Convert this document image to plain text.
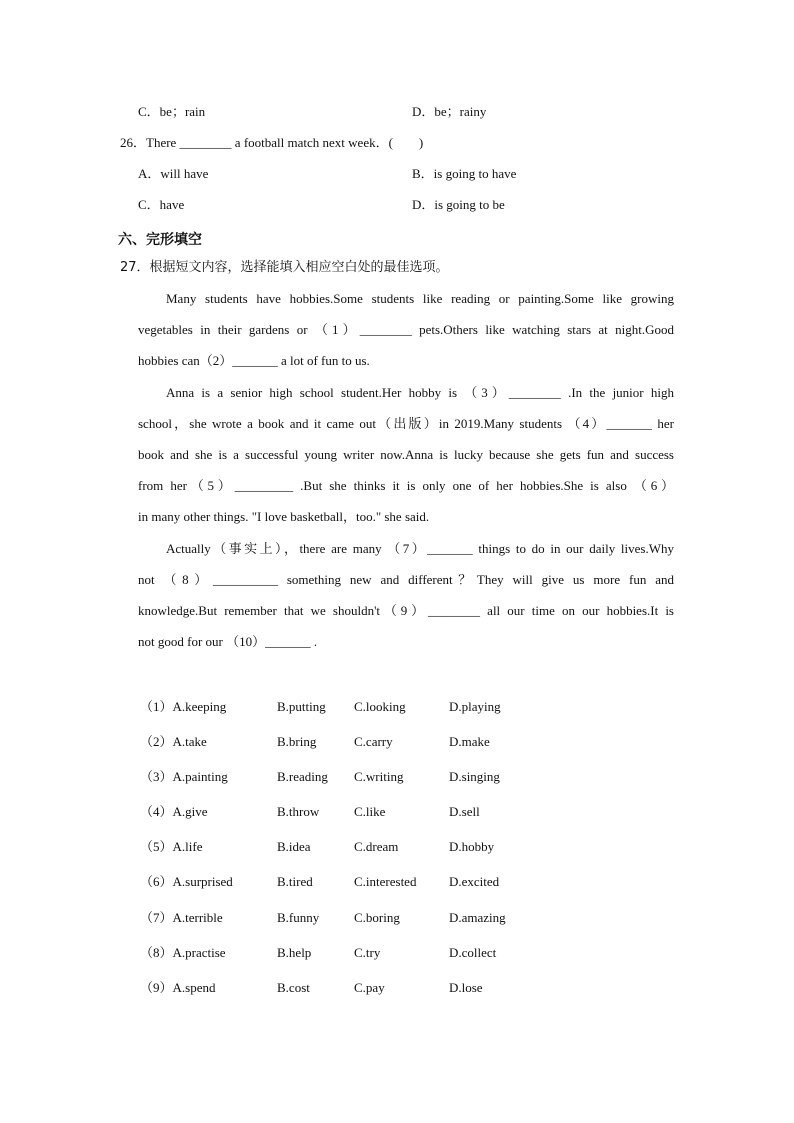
C．be；rain	D．be；rainy
26．There ________ a football match next week．(　　)
A．will have	B．is going to have
C．have	D．is going to be
六、完形填空
27．根据短文内容，选择能填入相应空白处的最佳选项。
Many students have hobbies.Some students like reading or painting.Some like growing
vegetables in their gardens or （1）________ pets.Others like watching stars at night.Good
hobbies can（2）_______ a lot of fun to us.
Anna is a senior high school student.Her hobby is （3）________ .In the junior high
school，she wrote a book and it came out（出版）in 2019.Many students （4）_______ her
book and she is a successful young writer now.Anna is lucky because she gets fun and success
from her（5）_________ .But she thinks it is only one of her hobbies.She is also （6）
in many other things. "I love basketball，too." she said.
Actually（事实上），there are many （7）_______ things to do in our daily lives.Why
not （8）__________ something new and different？They will give us more fun and
knowledge.But remember that we shouldn't（9）________ all our time on our hobbies.It is
not good for our （10）_______ .
（1）A.keeping	B.putting C.looking	D.playing
（2）A.take	B.bring	C.carry	D.make
（3）A.painting	B.reading C.writing	D.singing
（4）A.give	B.throw	C.like	D.sell
（5）A.life	B.idea	C.dream	D.hobby
（6）A.surprised	B.tired	C.interested	D.excited
（7）A.terrible	B.funny	C.boring	D.amazing
（8）A.practise	B.help	C.try	D.collect
（9）A.spend	B.cost	C.pay	D.lose
